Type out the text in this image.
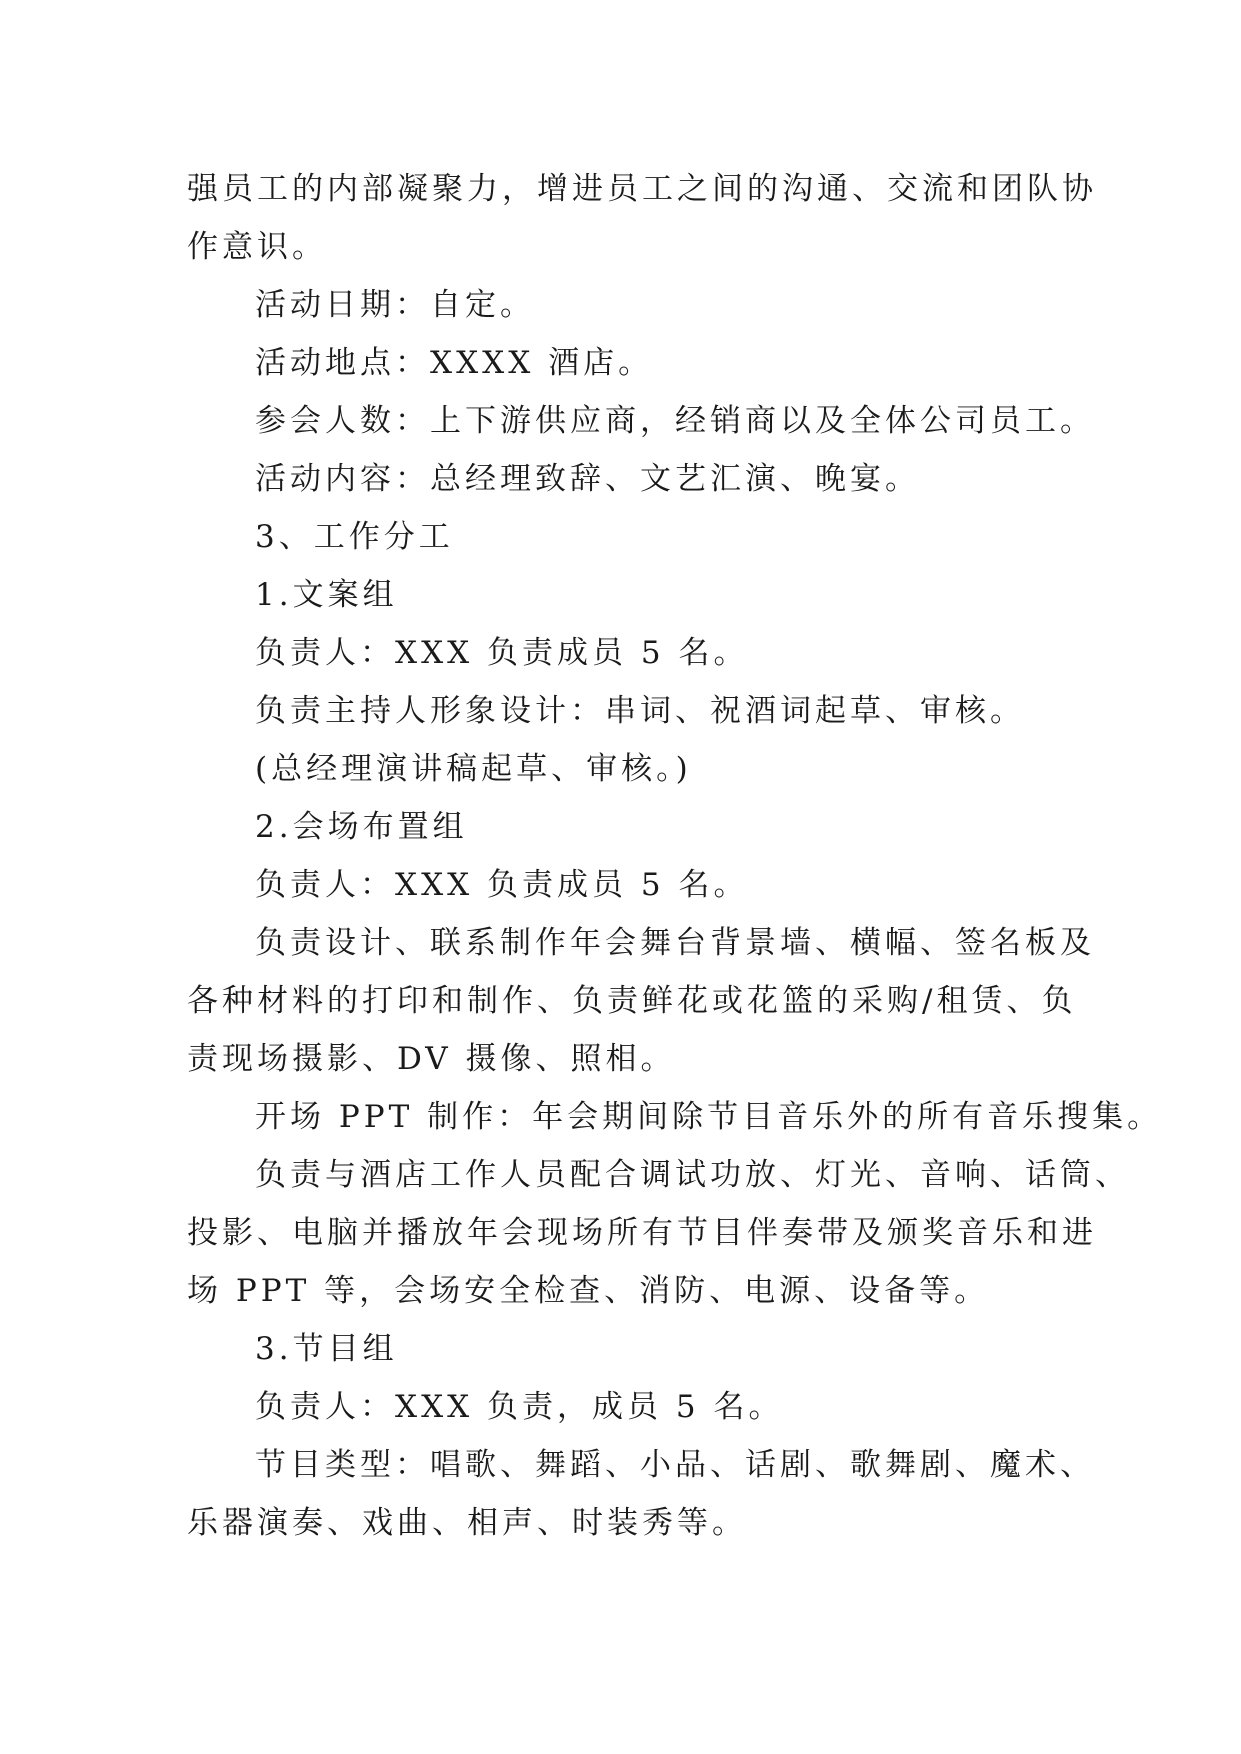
强员工的内部凝聚力，增进员工之间的沟通、交流和团队协

作意识。

活动日期：自定。

活动地点：XXXX 酒店。

参会人数：上下游供应商，经销商以及全体公司员工。

活动内容：总经理致辞、文艺汇演、晚宴。

3、工作分工

1.文案组

负责人：XXX 负责成员 5 名。

负责主持人形象设计：串词、祝酒词起草、审核。

(总经理演讲稿起草、审核。)

2.会场布置组

负责人：XXX 负责成员 5 名。

负责设计、联系制作年会舞台背景墙、横幅、签名板及

各种材料的打印和制作、负责鲜花或花篮的采购/租赁、负

责现场摄影、DV 摄像、照相。

开场 PPT 制作：年会期间除节目音乐外的所有音乐搜集。

负责与酒店工作人员配合调试功放、灯光、音响、话筒、

投影、电脑并播放年会现场所有节目伴奏带及颁奖音乐和进

场 PPT 等，会场安全检查、消防、电源、设备等。

3.节目组

负责人：XXX 负责，成员 5 名。

节目类型：唱歌、舞蹈、小品、话剧、歌舞剧、魔术、

乐器演奏、戏曲、相声、时装秀等。
